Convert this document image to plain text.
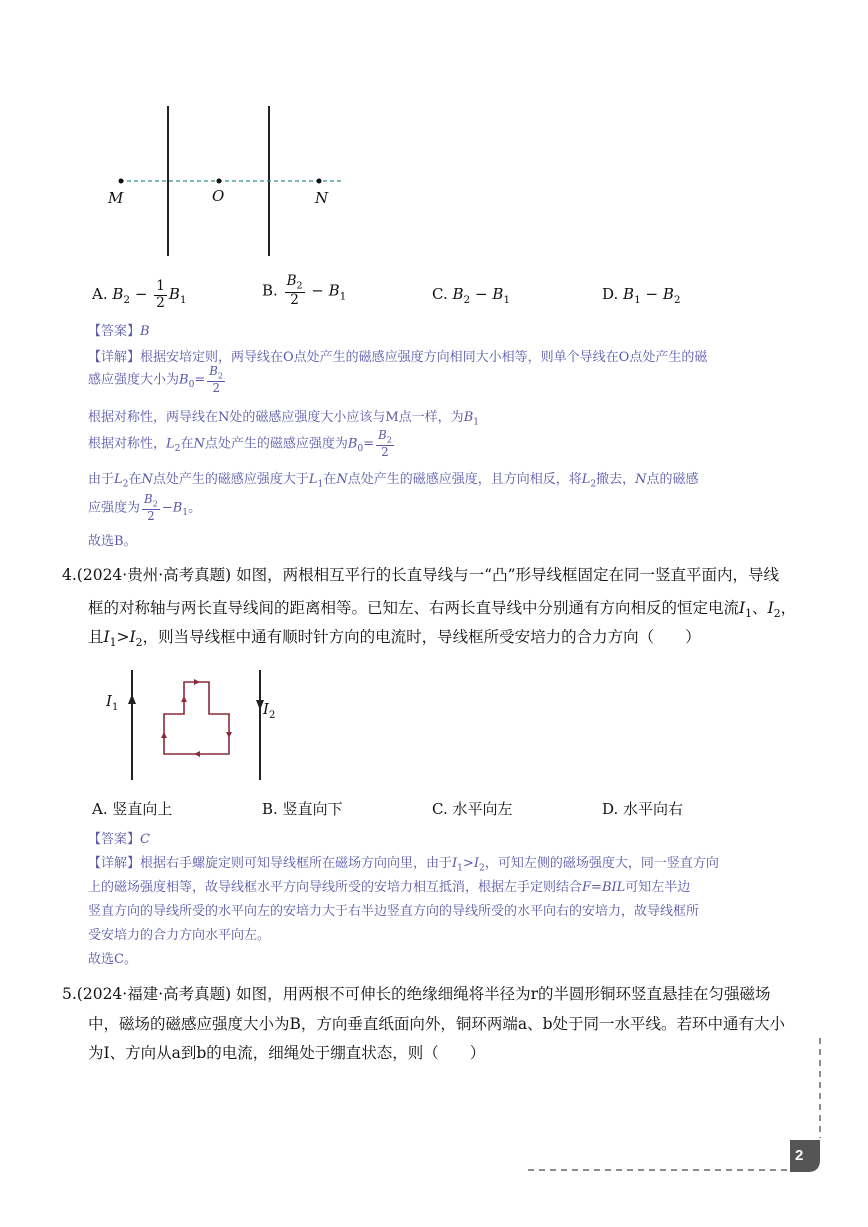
M	O	N
A. $B_2 - \frac{1}{2} B_1$
B. $\frac{B_2}{2} - B_1$	C. $B_2 - B_1$	D. $B_1 - B_2$
【答案】B
【详解】根据安培定则，两导线在O点处产生的磁感应强度方向相同大小相等，则单个导线在O点处产生的磁
感应强度大小为$B_0= \frac{B_2}{2}$
根据对称性，两导线在N处的磁感应强度大小应该与M点一样，为$B_1$
根据对称性，$L_2$在N点处产生的磁感应强度为$B_0= \frac{B_2}{2}$
由于$L_2$在N点处产生的磁感应强度大于$L_1$在N点处产生的磁感应强度，且方向相反，将$L_2$撤去，N点的磁感
应强度为 $\frac{B_2}{2} -B_1$。
故选B。
4.(2024·贵州·高考真题) 如图，两根相互平行的长直导线与一“凸”形导线框固定在同一竖直平面内，导线
框的对称轴与两长直导线间的距离相等。已知左、右两长直导线中分别通有方向相反的恒定电流$I_1$、$I_2$，
且$I_1>I_2$，则当导线框中通有顺时针方向的电流时，导线框所受安培力的合力方向（　　）
$I_1$	$I_2$
A. 竖直向上	B. 竖直向下	C. 水平向左	D. 水平向右
【答案】C
【详解】根据右手螺旋定则可知导线框所在磁场方向向里，由于$I_1>I_2$，可知左侧的磁场强度大，同一竖直方向
上的磁场强度相等，故导线框水平方向导线所受的安培力相互抵消，根据左手定则结合F=BIL可知左半边
竖直方向的导线所受的水平向左的安培力大于右半边竖直方向的导线所受的水平向右的安培力，故导线框所
受安培力的合力方向水平向左。
故选C。
5.(2024·福建·高考真题) 如图，用两根不可伸长的绝缘细绳将半径为r的半圆形铜环竖直悬挂在匀强磁场
中，磁场的磁感应强度大小为B，方向垂直纸面向外，铜环两端a、b处于同一水平线。若环中通有大小
为I、方向从a到b的电流，细绳处于绷直状态，则（　　）
2
